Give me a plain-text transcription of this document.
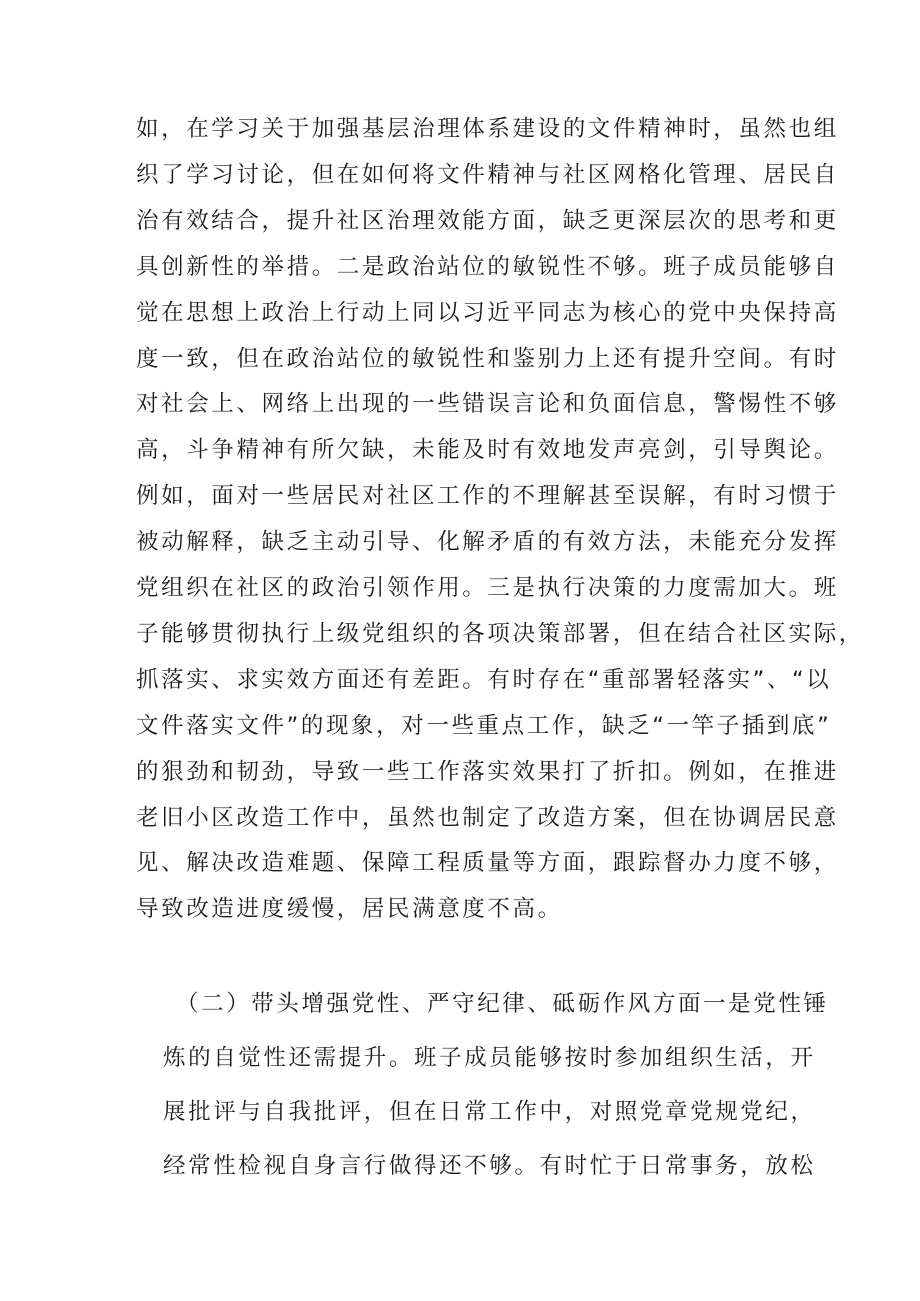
如，在学习关于加强基层治理体系建设的文件精神时，虽然也组
织了学习讨论，但在如何将文件精神与社区网格化管理、居民自
治有效结合，提升社区治理效能方面，缺乏更深层次的思考和更
具创新性的举措。二是政治站位的敏锐性不够。班子成员能够自
觉在思想上政治上行动上同以习近平同志为核心的党中央保持高
度一致，但在政治站位的敏锐性和鉴别力上还有提升空间。有时
对社会上、网络上出现的一些错误言论和负面信息，警惕性不够
高，斗争精神有所欠缺，未能及时有效地发声亮剑，引导舆论。
例如，面对一些居民对社区工作的不理解甚至误解，有时习惯于
被动解释，缺乏主动引导、化解矛盾的有效方法，未能充分发挥
党组织在社区的政治引领作用。三是执行决策的力度需加大。班
子能够贯彻执行上级党组织的各项决策部署，但在结合社区实际，
抓落实、求实效方面还有差距。有时存在“重部署轻落实”、“以
文件落实文件”的现象，对一些重点工作，缺乏“一竿子插到底”
的狠劲和韧劲，导致一些工作落实效果打了折扣。例如，在推进
老旧小区改造工作中，虽然也制定了改造方案，但在协调居民意
见、解决改造难题、保障工程质量等方面，跟踪督办力度不够，
导致改造进度缓慢，居民满意度不高。
（二）带头增强党性、严守纪律、砥砺作风方面一是党性锤
炼的自觉性还需提升。班子成员能够按时参加组织生活，开
展批评与自我批评，但在日常工作中，对照党章党规党纪，
经常性检视自身言行做得还不够。有时忙于日常事务，放松
